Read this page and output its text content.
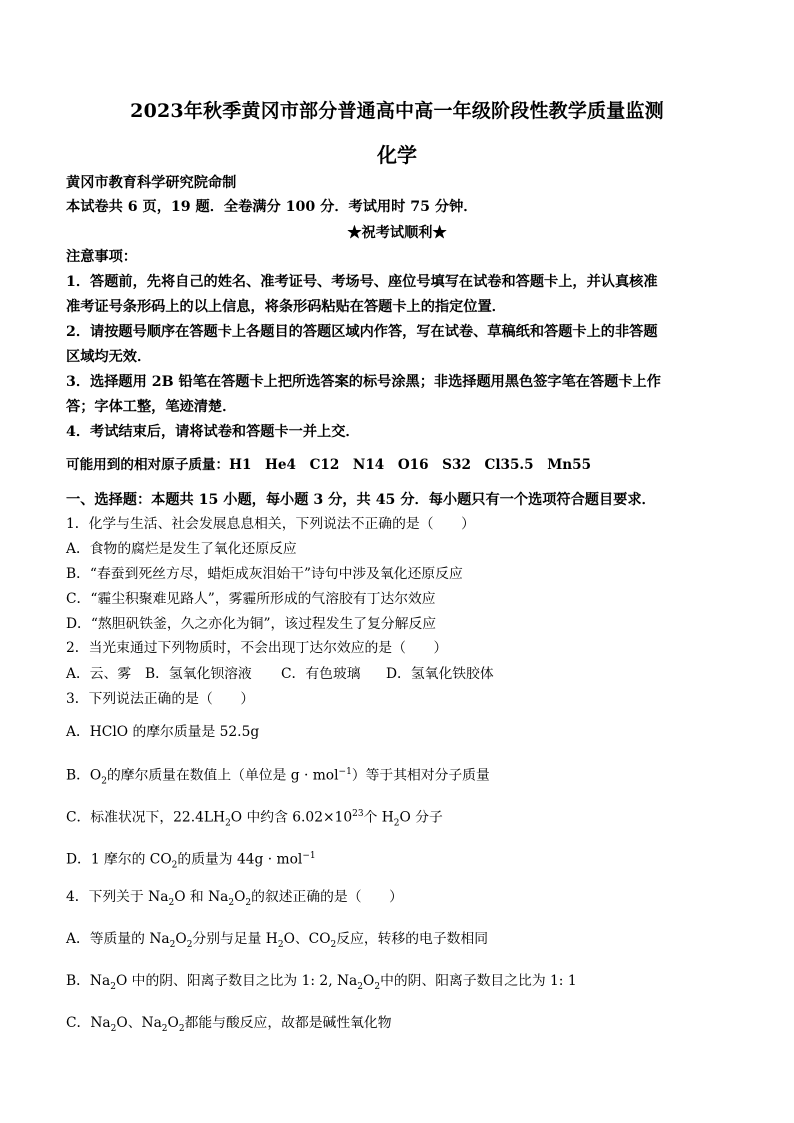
2023年秋季黄冈市部分普通高中高一年级阶段性教学质量监测
化学
黄冈市教育科学研究院命制
本试卷共 6 页，19 题．全卷满分 100 分．考试用时 75 分钟．
★祝考试顺利★
注意事项：
1．答题前，先将自己的姓名、准考证号、考场号、座位号填写在试卷和答题卡上，并认真核准
准考证号条形码上的以上信息，将条形码粘贴在答题卡上的指定位置．
2．请按题号顺序在答题卡上各题目的答题区域内作答，写在试卷、草稿纸和答题卡上的非答题
区域均无效．
3．选择题用 2B 铅笔在答题卡上把所选答案的标号涂黑；非选择题用黑色签字笔在答题卡上作
答；字体工整，笔迹清楚．
4．考试结束后，请将试卷和答题卡一并上交．
可能用到的相对原子质量：H1　He4　C12　N14　O16　S32　Cl35.5　Mn55
一、选择题：本题共 15 小题，每小题 3 分，共 45 分．每小题只有一个选项符合题目要求．
1．化学与生活、社会发展息息相关，下列说法不正确的是（　　）
A．食物的腐烂是发生了氧化还原反应
B．“春蚕到死丝方尽，蜡炬成灰泪始干”诗句中涉及氧化还原反应
C．“霾尘积聚难见路人”，雾霾所形成的气溶胶有丁达尔效应
D．“熬胆矾铁釜，久之亦化为铜”，该过程发生了复分解反应
2．当光束通过下列物质时，不会出现丁达尔效应的是（　　）
A．云、雾 B．氢氧化钡溶液 C．有色玻璃 D．氢氧化铁胶体
3．下列说法正确的是（　　）
A．HClO 的摩尔质量是 52.5g
B．$O_2$的摩尔质量在数值上（单位是 g · mol$^{-1}$）等于其相对分子质量
C．标准状况下，$22.4LH_2O$ 中约含 $6.02\times 10^{23}$个 $H_2O$ 分子
D．1 摩尔的 $CO_2$的质量为 44g · mol$^{-1}$
4．下列关于 $Na_2O$ 和 $Na_2O_2$的叙述正确的是（　　）
A．等质量的 $Na_2O_2$分别与足量 $H_2O$、$CO_2$反应，转移的电子数相同
B．$Na_2O$ 中的阴、阳离子数目之比为 1: 2, $Na_2O_2$中的阴、阳离子数目之比为 1: 1
C．$Na_2O$、$Na_2O_2$都能与酸反应，故都是碱性氧化物
